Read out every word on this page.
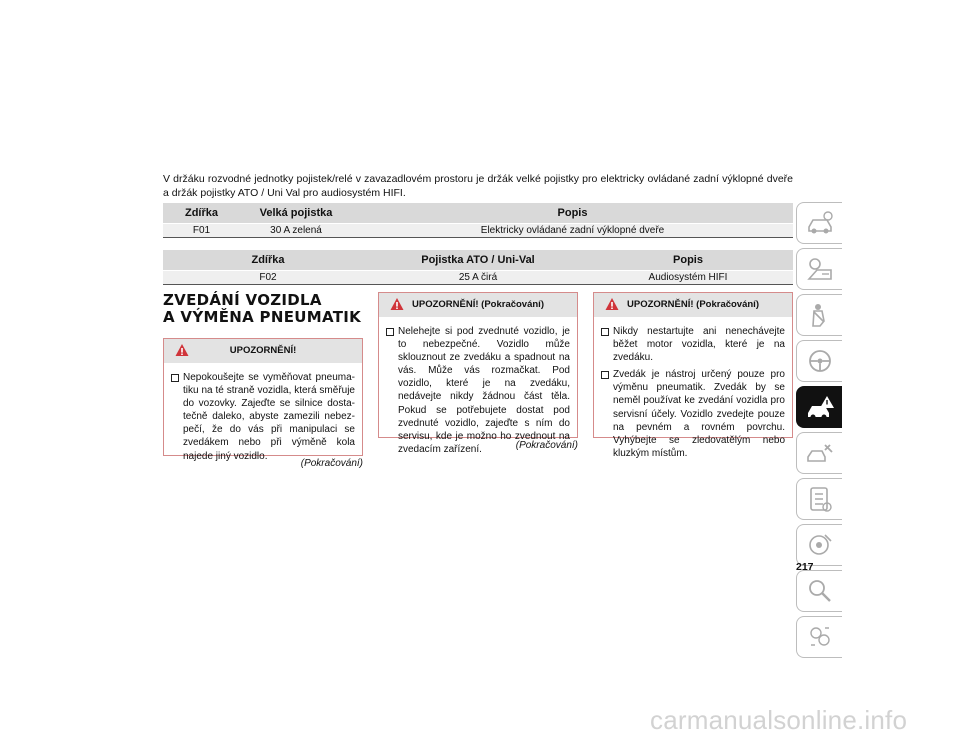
V držáku rozvodné jednotky pojistek/relé v zavazadlovém prostoru je držák velké pojistky pro elektricky ovládané zadní výklopné dveře a držák pojistky ATO / Uni Val pro audiosystém HIFI.
Zdířka	Velká pojistka	Popis
F01	30 A zelená	Elektricky ovládané zadní výklopné dveře
Zdířka	Pojistka ATO / Uni-Val	Popis
F02	25 A čirá	Audiosystém HIFI
ZVEDÁNÍ VOZIDLA
A VÝMĚNA PNEUMATIK
UPOZORNĚNÍ!
Nepokoušejte se vyměňovat pneuma-tiku na té straně vozidla, která směřuje do vozovky. Zajeďte se silnice dosta-tečně daleko, abyste zamezili nebez-pečí, že do vás při manipulaci se zvedákem nebo při výměně kola najede jiný vozidlo.
(Pokračování)
UPOZORNĚNÍ! (Pokračování)
Nelehejte si pod zvednuté vozidlo, je to nebezpečné. Vozidlo může sklouznout ze zvedáku a spadnout na vás. Může vás rozmačkat. Pod vozidlo, které je na zvedáku, nedávejte nikdy žádnou část těla. Pokud se potřebujete dostat pod zvednuté vozidlo, zajeďte s ním do servisu, kde je možno ho zvednout na zvedacím zařízení.	(Pokračování)
UPOZORNĚNÍ! (Pokračování)
Nikdy nestartujte ani nenechávejte běžet motor vozidla, které je na zvedáku.
Zvedák je nástroj určený pouze pro výměnu pneumatik. Zvedák by se neměl používat ke zvedání vozidla pro servisní účely. Vozidlo zvedejte pouze na pevném a rovném povrchu. Vyhýbejte se zledovatělým nebo kluzkým místům.
217
carmanualsonline.info
